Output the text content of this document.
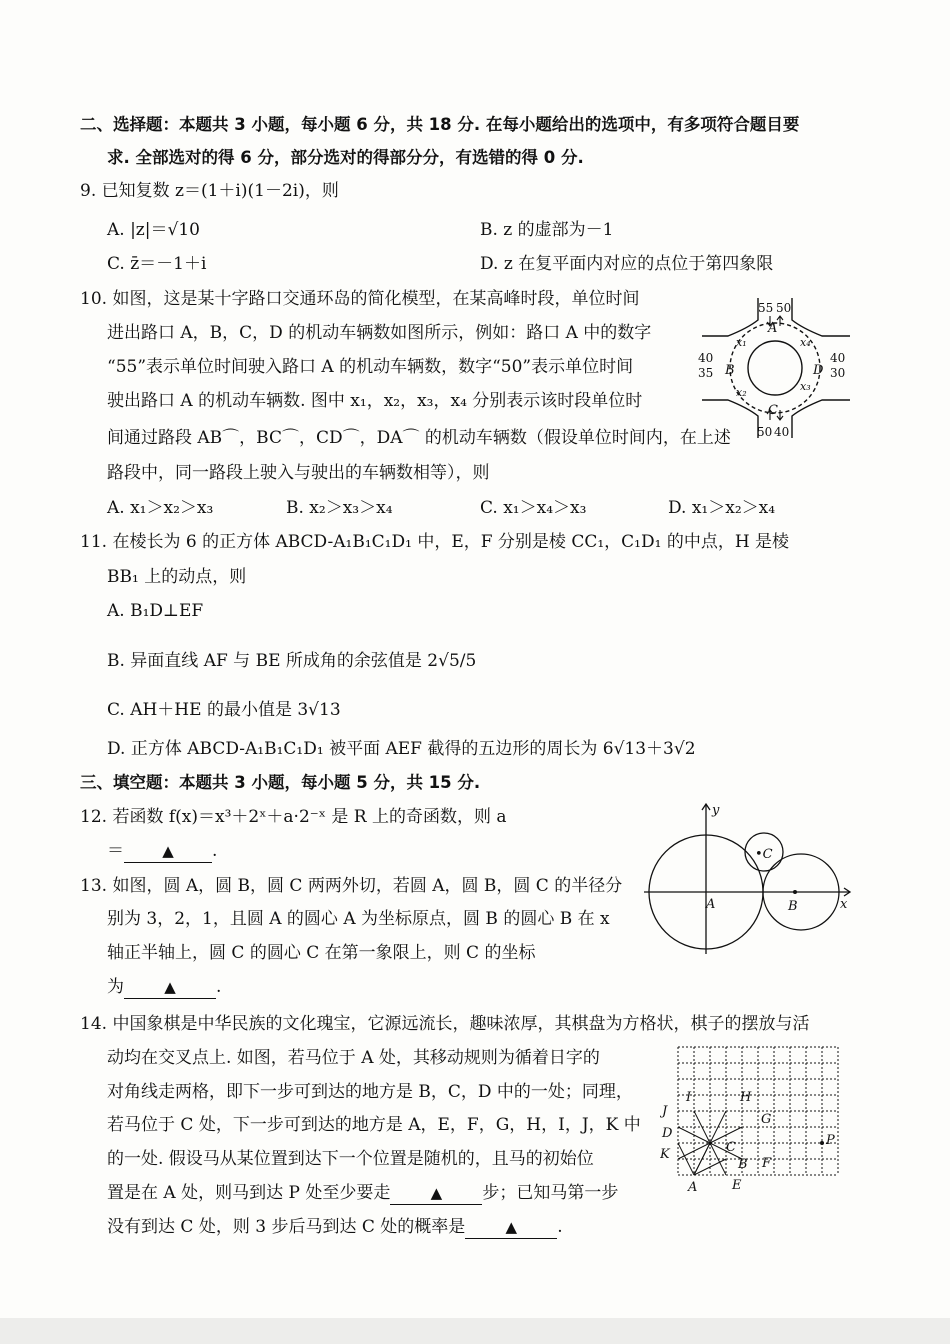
二、选择题：本题共 3 小题，每小题 6 分，共 18 分. 在每小题给出的选项中，有多项符合题目要
求. 全部选对的得 6 分，部分选对的得部分分，有选错的得 0 分.
9. 已知复数 z＝(1＋i)(1－2i)，则
A. |z|＝√10	B. z 的虚部为－1
C. z̄＝－1＋i	D. z 在复平面内对应的点位于第四象限
10. 如图，这是某十字路口交通环岛的简化模型，在某高峰时段，单位时间
进出路口 A，B，C，D 的机动车辆数如图所示，例如：路口 A 中的数字
“55”表示单位时间驶入路口 A 的机动车辆数，数字“50”表示单位时间
驶出路口 A 的机动车辆数. 图中 x₁，x₂，x₃，x₄ 分别表示该时段单位时
间通过路段 AB⌒，BC⌒，CD⌒，DA⌒ 的机动车辆数（假设单位时间内，在上述
路段中，同一路段上驶入与驶出的车辆数相等），则
A. x₁＞x₂＞x₃	B. x₂＞x₃＞x₄	C. x₁＞x₄＞x₃	D. x₁＞x₂＞x₄
55 50
A
40
35 B
40
30
D
50 40
C
x₁
x₂	x₃
x₄
11. 在棱长为 6 的正方体 ABCD-A₁B₁C₁D₁ 中，E，F 分别是棱 CC₁，C₁D₁ 的中点，H 是棱
BB₁ 上的动点，则
A. B₁D⊥EF
B. 异面直线 AF 与 BE 所成角的余弦值是 2√5/5
C. AH＋HE 的最小值是 3√13
D. 正方体 ABCD-A₁B₁C₁D₁ 被平面 AEF 截得的五边形的周长为 6√13＋3√2
三、填空题：本题共 3 小题，每小题 5 分，共 15 分.
12. 若函数 f(x)＝x³＋2ˣ＋a·2⁻ˣ 是 R 上的奇函数，则 a
＝	▲ .
13. 如图，圆 A，圆 B，圆 C 两两外切，若圆 A，圆 B，圆 C 的半径分
别为 3，2，1，且圆 A 的圆心 A 为坐标原点，圆 B 的圆心 B 在 x
轴正半轴上，圆 C 的圆心 C 在第一象限上，则 C 的坐标
为	▲ .
y
x
A	B
•C
14. 中国象棋是中华民族的文化瑰宝，它源远流长，趣味浓厚，其棋盘为方格状，棋子的摆放与活
动均在交叉点上. 如图，若马位于 A 处，其移动规则为循着日字的
对角线走两格，即下一步可到达的地方是 B，C，D 中的一处；同理，
若马位于 C 处，下一步可到达的地方是 A，E，F，G，H，I，J，K 中
的一处. 假设马从某位置到达下一个位置是随机的，且马的初始位
置是在 A 处，则马到达 P 处至少要走	▲ 步；已知马第一步
没有到达 C 处，则 3 步后马到达 C 处的概率是	▲ .
A
B
C
D
E
F
G
H
I
J
K
P
